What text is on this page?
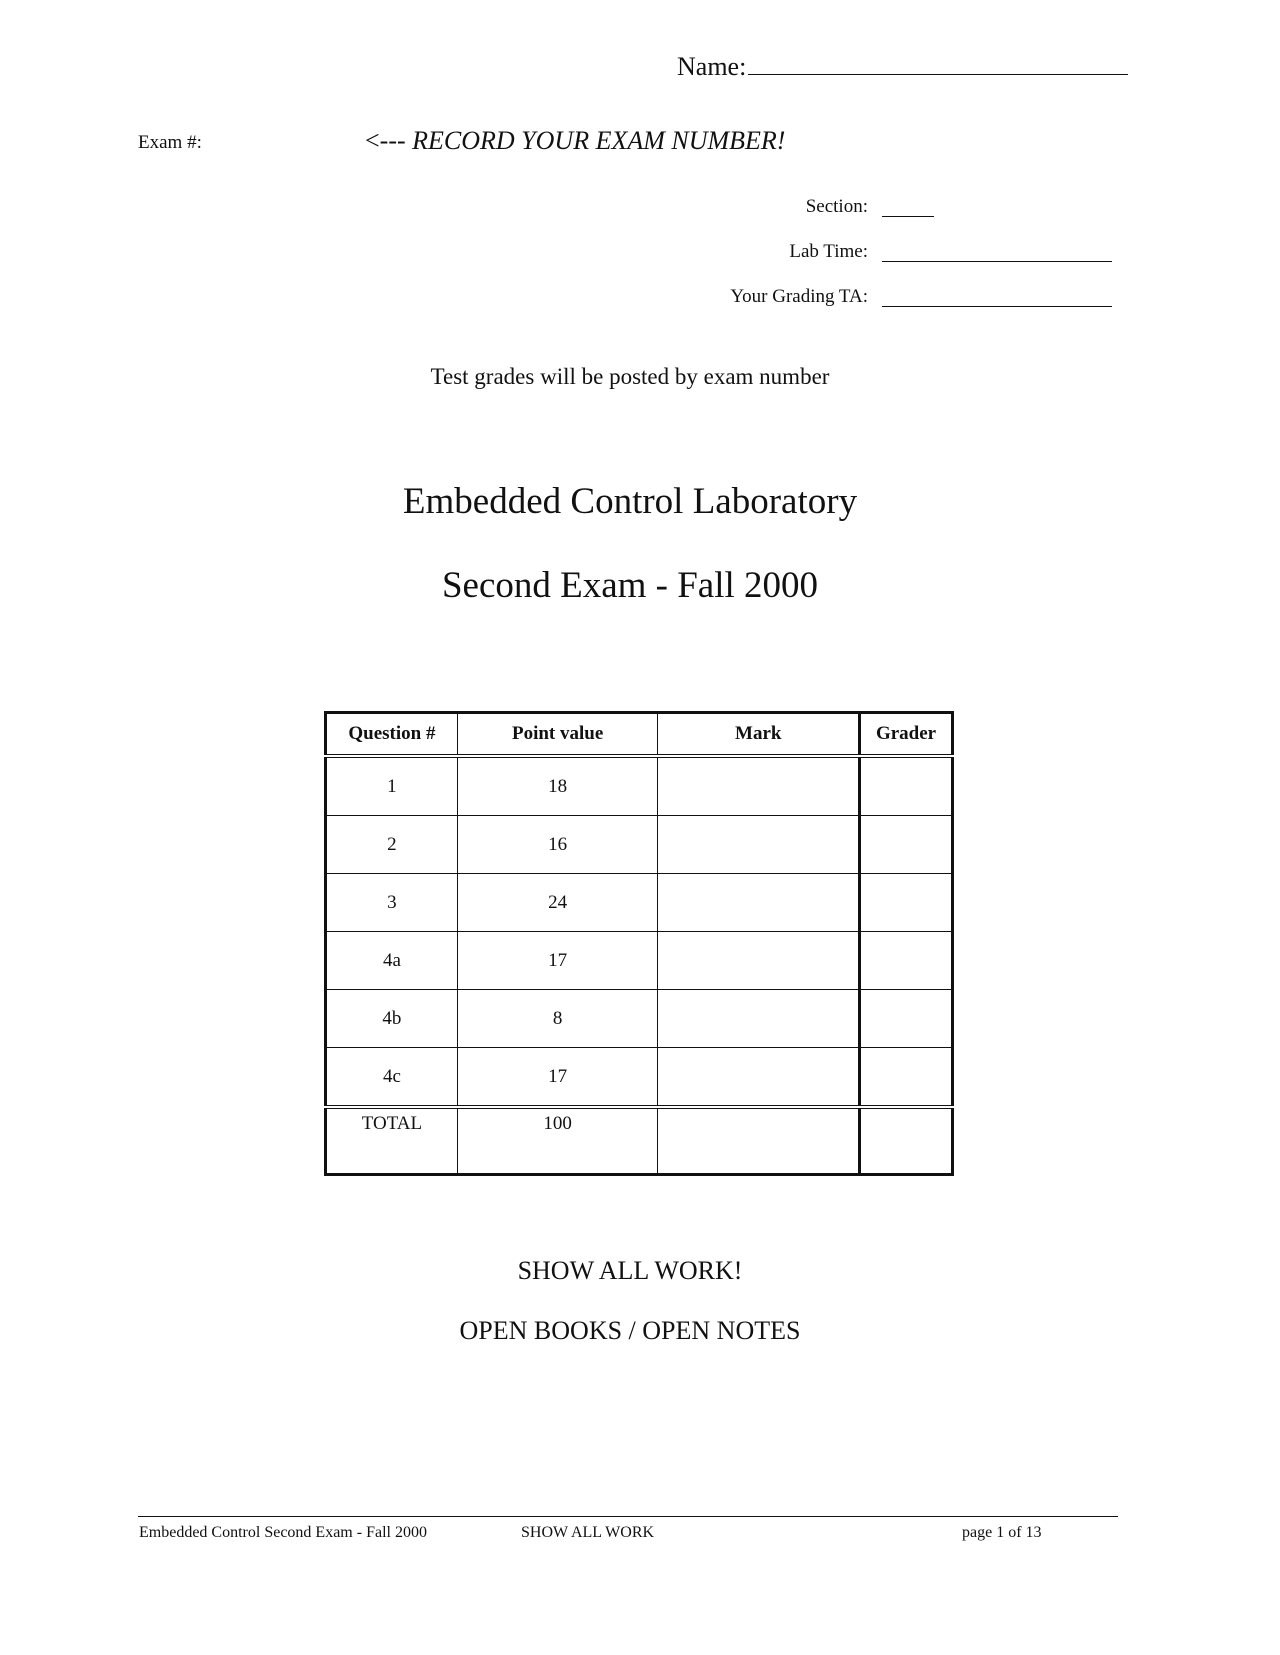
Name:
Exam #:	<--- RECORD YOUR EXAM NUMBER!
Section:
Lab Time:
Your Grading TA:
Test grades will be posted by exam number
Embedded Control Laboratory
Second Exam - Fall 2000
Question #	Point value	Mark	Grader
1	18		
2	16		
3	24		
4a	17		
4b	8		
4c	17		
TOTAL	100		
SHOW ALL WORK!
OPEN BOOKS / OPEN NOTES
Embedded Control Second Exam - Fall 2000	SHOW ALL WORK	page 1 of 13
